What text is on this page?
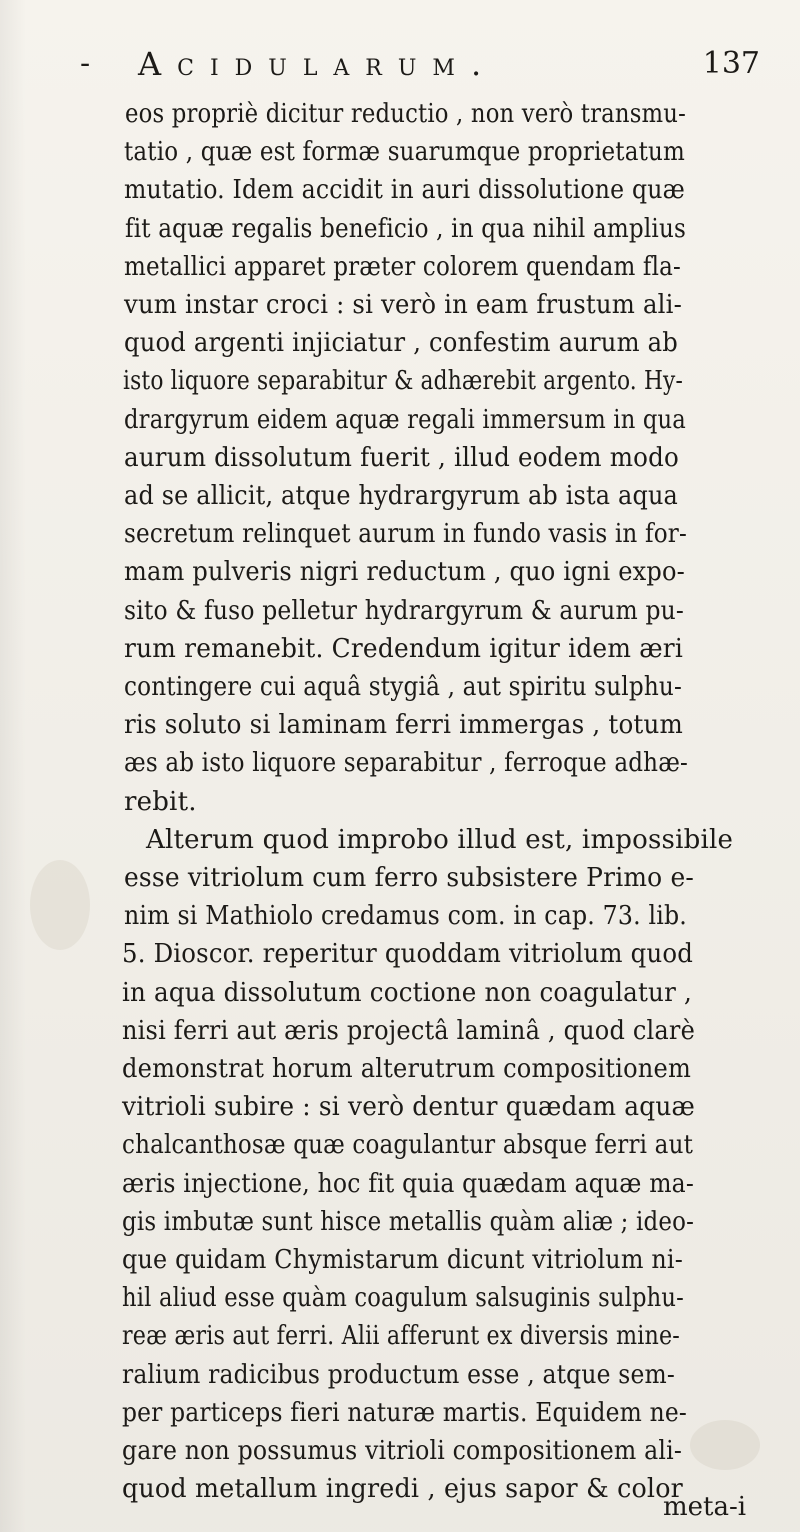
- Acidularum.	137
eos propriè dicitur reductio , non verò transmu-
tatio , quæ est formæ suarumque proprietatum
mutatio. Idem accidit in auri dissolutione quæ
fit aquæ regalis beneficio , in qua nihil amplius
metallici apparet præter colorem quendam fla-
vum instar croci : si verò in eam frustum ali-
quod argenti injiciatur , confestim aurum ab
isto liquore separabitur & adhærebit argento. Hy-
drargyrum eidem aquæ regali immersum in qua
aurum dissolutum fuerit , illud eodem modo
ad se allicit, atque hydrargyrum ab ista aqua
secretum relinquet aurum in fundo vasis in for-
mam pulveris nigri reductum , quo igni expo-
sito & fuso pelletur hydrargyrum & aurum pu-
rum remanebit. Credendum igitur idem æri
contingere cui aquâ stygiâ , aut spiritu sulphu-
ris soluto si laminam ferri immergas , totum
æs ab isto liquore separabitur , ferroque adhæ-
rebit.
Alterum quod improbo illud est, impossibile
esse vitriolum cum ferro subsistere Primo e-
nim si Mathiolo credamus com. in cap. 73. lib.
5. Dioscor. reperitur quoddam vitriolum quod
in aqua dissolutum coctione non coagulatur ,
nisi ferri aut æris projectâ laminâ , quod clarè
demonstrat horum alterutrum compositionem
vitrioli subire : si verò dentur quædam aquæ
chalcanthosæ quæ coagulantur absque ferri aut
æris injectione, hoc fit quia quædam aquæ ma-
gis imbutæ sunt hisce metallis quàm aliæ ; ideo-
que quidam Chymistarum dicunt vitriolum ni-
hil aliud esse quàm coagulum salsuginis sulphu-
reæ æris aut ferri. Alii afferunt ex diversis mine-
ralium radicibus productum esse , atque sem-
per particeps fieri naturæ martis. Equidem ne-
gare non possumus vitrioli compositionem ali-
quod metallum ingredi , ejus sapor & color
meta-i
